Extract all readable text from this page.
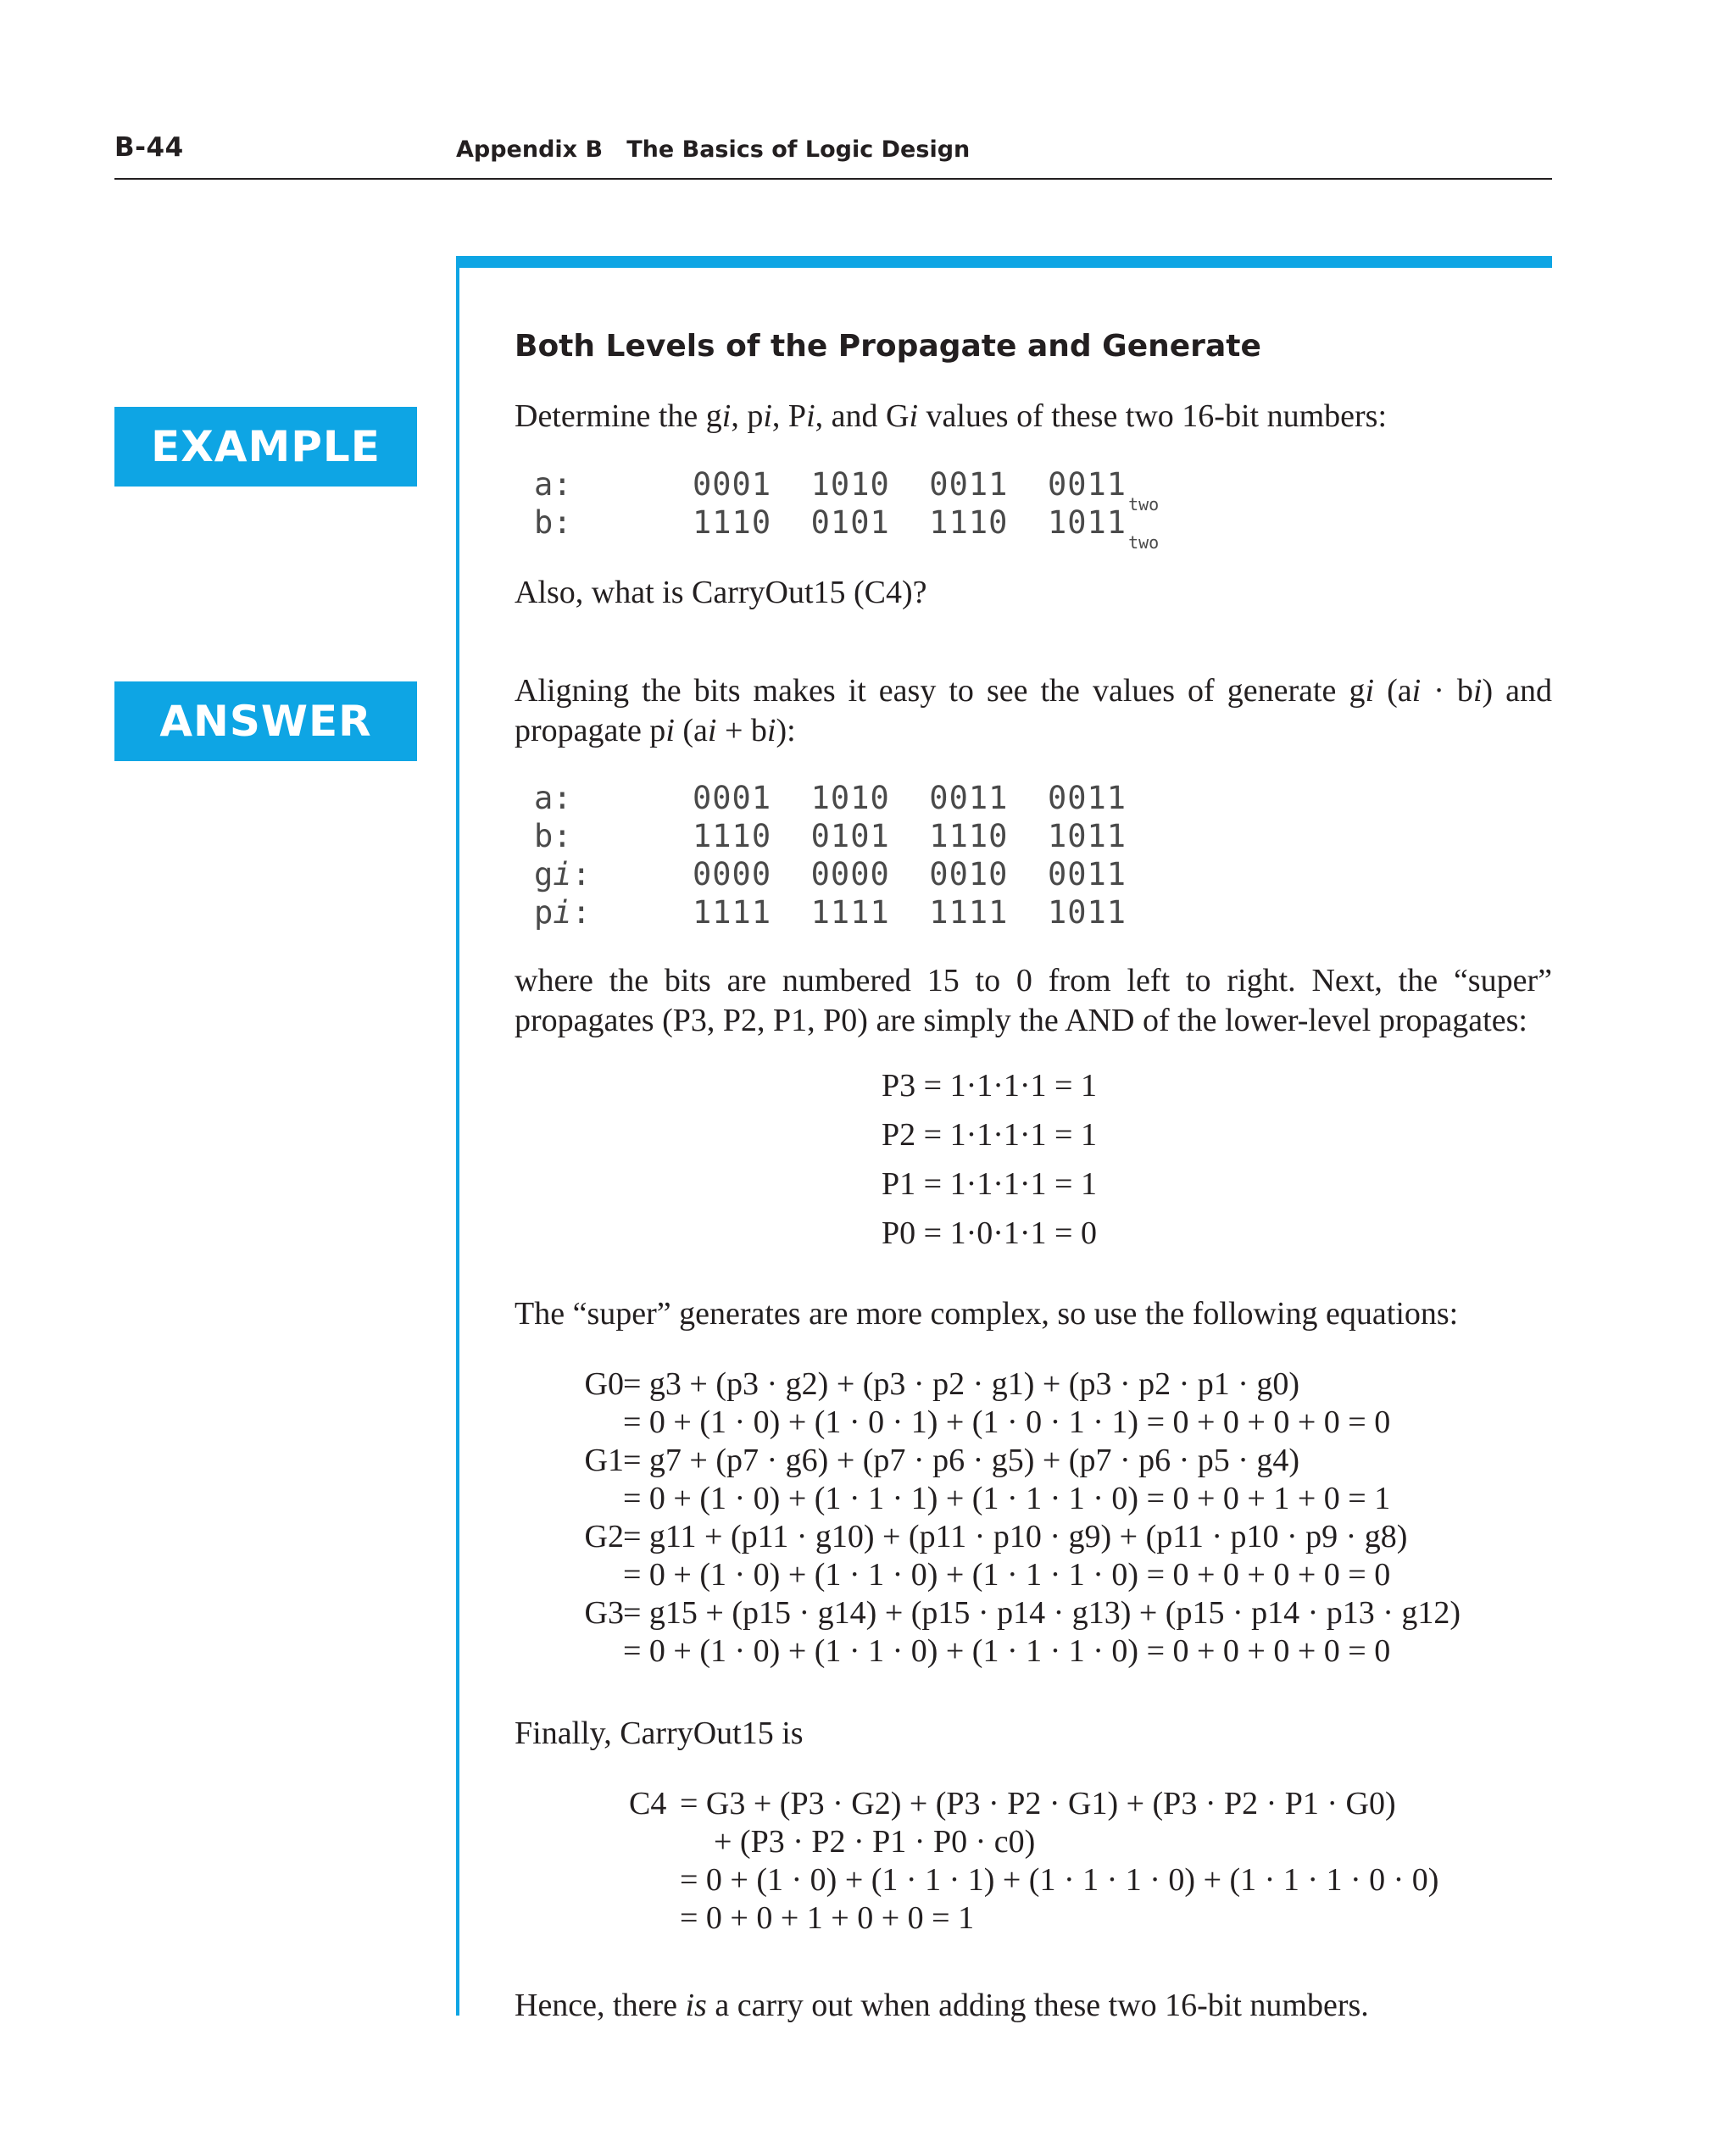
B-44	Appendix B   The Basics of Logic Design
EXAMPLE
ANSWER
Both Levels of the Propagate and Generate
Determine the gi, pi, Pi, and Gi values of these two 16-bit numbers:

a:

	0001  1010  0011  $0011_{two}$

b:

	1110  0101  1110  $1011_{two}$

Also, what is CarryOut15 (C4)?
Aligning the bits makes it easy to see the values of generate gi (ai · bi) and
propagate pi (ai + bi):

a:

	0001  1010  0011  0011

b:

	1110  0101  1110  1011

gi:

	0000  0000  0010  0011

pi:

	1111  1111  1111  1011

where the bits are numbered 15 to 0 from left to right. Next, the “super”
propagates (P3, P2, P1, P0) are simply the AND of the lower-level propagates:
P3 = 1·1·1·1 = 1
P2 = 1·1·1·1 = 1
P1 = 1·1·1·1 = 1
P0 = 1·0·1·1 = 0
The “super” generates are more complex, so use the following equations:
G0 = g3 + (p3 · g2) + (p3 · p2 · g1) + (p3 · p2 · p1 · g0)
= 0 + (1 · 0) + (1 · 0 · 1) + (1 · 0 · 1 · 1) = 0 + 0 + 0 + 0 = 0
G1 = g7 + (p7 · g6) + (p7 · p6 · g5) + (p7 · p6 · p5 · g4)
= 0 + (1 · 0) + (1 · 1 · 1) + (1 · 1 · 1 · 0) = 0 + 0 + 1 + 0 = 1
G2 = g11 + (p11 · g10) + (p11 · p10 · g9) + (p11 · p10 · p9 · g8)
= 0 + (1 · 0) + (1 · 1 · 0) + (1 · 1 · 1 · 0) = 0 + 0 + 0 + 0 = 0
G3 = g15 + (p15 · g14) + (p15 · p14 · g13) + (p15 · p14 · p13 · g12)
= 0 + (1 · 0) + (1 · 1 · 0) + (1 · 1 · 1 · 0) = 0 + 0 + 0 + 0 = 0
Finally, CarryOut15 is
C4 = G3 + (P3 · G2) + (P3 · P2 · G1) + (P3 · P2 · P1 · G0)
+ (P3 · P2 · P1 · P0 · c0)
= 0 + (1 · 0) + (1 · 1 · 1) + (1 · 1 · 1 · 0) + (1 · 1 · 1 · 0 · 0)
= 0 + 0 + 1 + 0 + 0 = 1
Hence, there is a carry out when adding these two 16-bit numbers.
